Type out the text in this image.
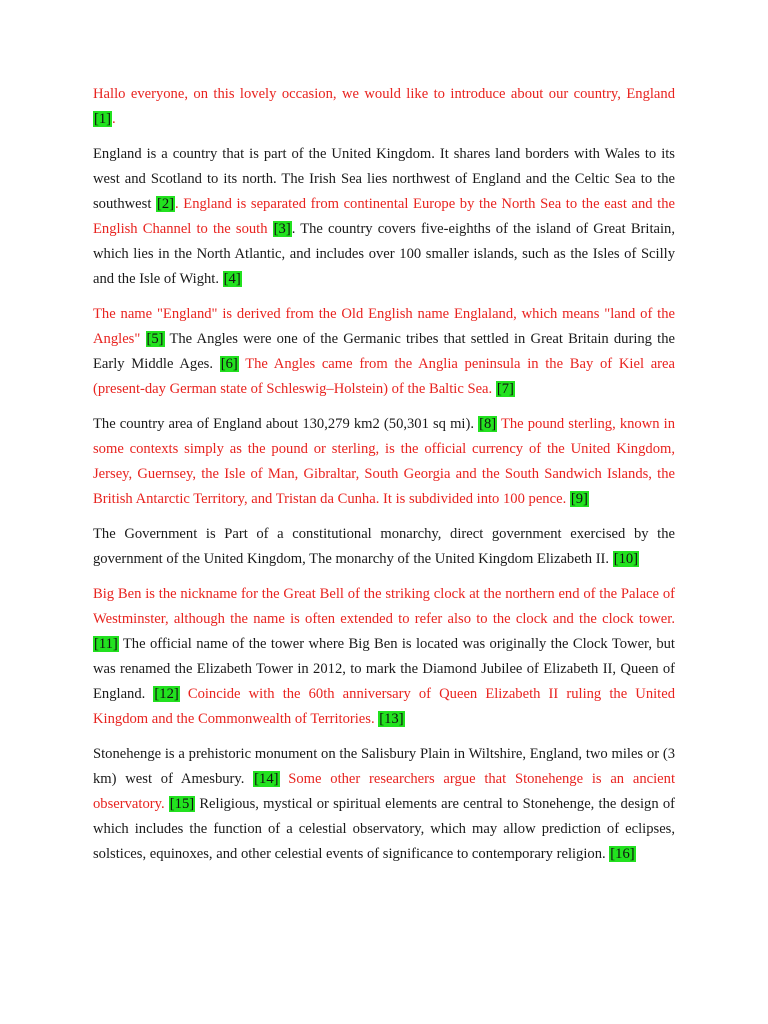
Hallo everyone, on this lovely occasion, we would like to introduce about our country, England [1].

England is a country that is part of the United Kingdom. It shares land borders with Wales to its west and Scotland to its north. The Irish Sea lies northwest of England and the Celtic Sea to the southwest [2]. England is separated from continental Europe by the North Sea to the east and the English Channel to the south [3]. The country covers five-eighths of the island of Great Britain, which lies in the North Atlantic, and includes over 100 smaller islands, such as the Isles of Scilly and the Isle of Wight. [4]

The name "England" is derived from the Old English name Englaland, which means "land of the Angles" [5] The Angles were one of the Germanic tribes that settled in Great Britain during the Early Middle Ages. [6] The Angles came from the Anglia peninsula in the Bay of Kiel area (present-day German state of Schleswig–Holstein) of the Baltic Sea. [7]

The country area of England about 130,279 km2 (50,301 sq mi). [8] The pound sterling, known in some contexts simply as the pound or sterling, is the official currency of the United Kingdom, Jersey, Guernsey, the Isle of Man, Gibraltar, South Georgia and the South Sandwich Islands, the British Antarctic Territory, and Tristan da Cunha. It is subdivided into 100 pence. [9]

The Government is Part of a constitutional monarchy, direct government exercised by the government of the United Kingdom, The monarchy of the United Kingdom Elizabeth II. [10]

Big Ben is the nickname for the Great Bell of the striking clock at the northern end of the Palace of Westminster, although the name is often extended to refer also to the clock and the clock tower. [11] The official name of the tower where Big Ben is located was originally the Clock Tower, but was renamed the Elizabeth Tower in 2012, to mark the Diamond Jubilee of Elizabeth II, Queen of England. [12] Coincide with the 60th anniversary of Queen Elizabeth II ruling the United Kingdom and the Commonwealth of Territories. [13]

Stonehenge is a prehistoric monument on the Salisbury Plain in Wiltshire, England, two miles or (3 km) west of Amesbury. [14] Some other researchers argue that Stonehenge is an ancient observatory. [15] Religious, mystical or spiritual elements are central to Stonehenge, the design of which includes the function of a celestial observatory, which may allow prediction of eclipses, solstices, equinoxes, and other celestial events of significance to contemporary religion. [16]
